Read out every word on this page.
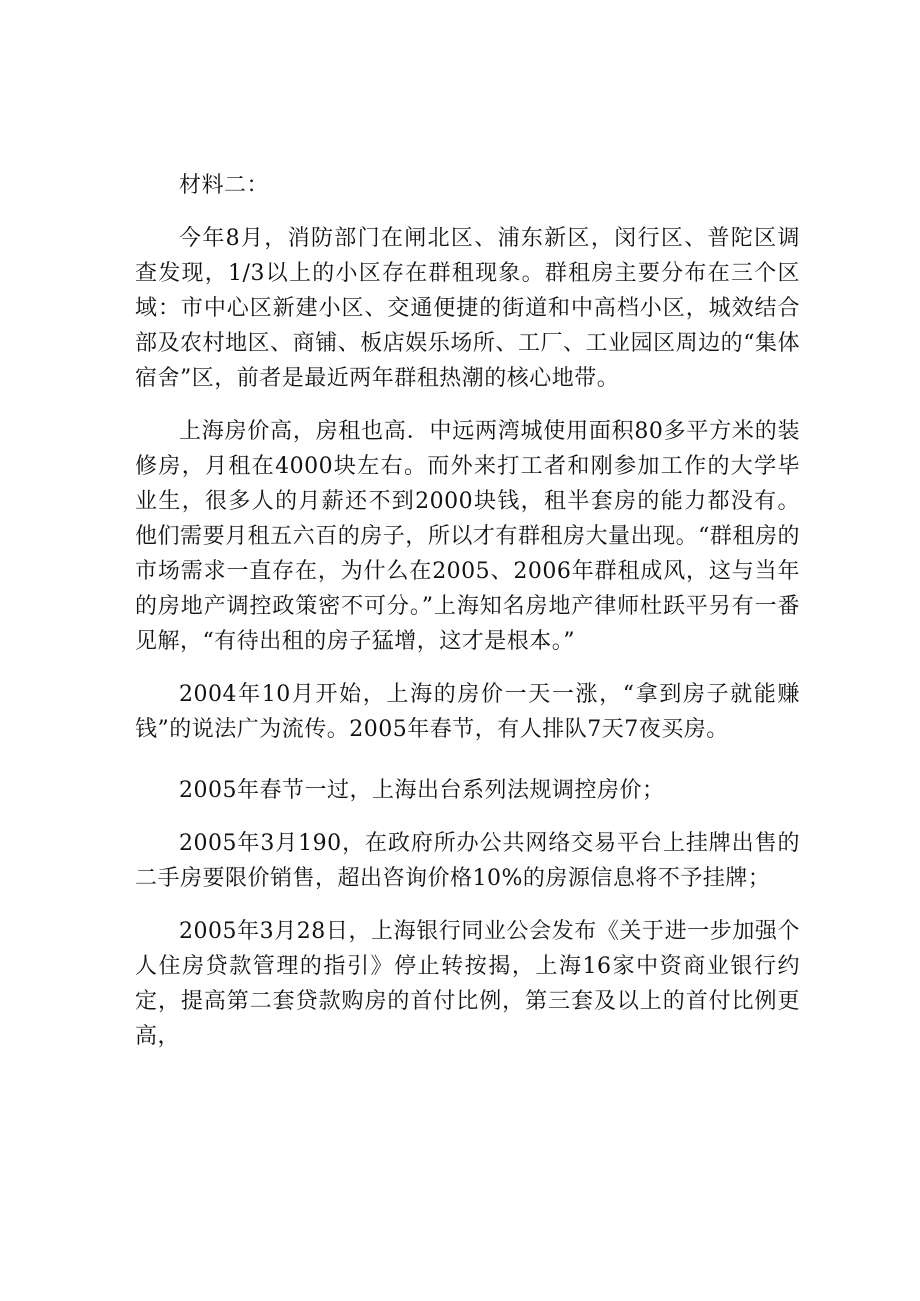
材料二：

今年8月，消防部门在闸北区、浦东新区，闵行区、普陀区调查发现，1/3以上的小区存在群租现象。群租房主要分布在三个区域：市中心区新建小区、交通便捷的街道和中高档小区，城效结合部及农村地区、商铺、板店娱乐场所、工厂、工业园区周边的“集体宿舍”区，前者是最近两年群租热潮的核心地带。

上海房价高，房租也高．中远两湾城使用面积80多平方米的装修房，月租在4000块左右。而外来打工者和刚参加工作的大学毕业生，很多人的月薪还不到2000块钱，租半套房的能力都没有。他们需要月租五六百的房子，所以才有群租房大量出现。“群租房的市场需求一直存在，为什么在2005、2006年群租成风，这与当年的房地产调控政策密不可分。”上海知名房地产律师杜跃平另有一番见解，“有待出租的房子猛增，这才是根本。”

2004年10月开始，上海的房价一天一涨，“拿到房子就能赚钱”的说法广为流传。2005年春节，有人排队7天7夜买房。

2005年春节一过，上海出台系列法规调控房价；

2005年3月190，在政府所办公共网络交易平台上挂牌出售的二手房要限价销售，超出咨询价格10%的房源信息将不予挂牌；

2005年3月28日，上海银行同业公会发布《关于进一步加强个人住房贷款管理的指引》停止转按揭，上海16家中资商业银行约定，提高第二套贷款购房的首付比例，第三套及以上的首付比例更高，
